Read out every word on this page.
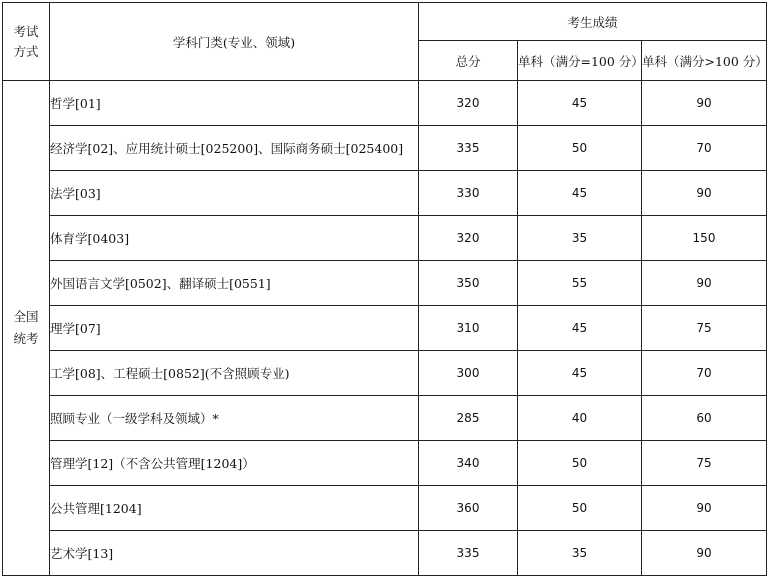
考试
方式	学科门类(专业、领域)	考生成绩		
		总分	单科（满分=100 分）	单科（满分>100 分）

全国
统考	哲学[01]	320	45	90
	经济学[02]、应用统计硕士[025200]、国际商务硕士[025400]	335	50	70
	法学[03]	330	45	90
	体育学[0403]	320	35	150
	外国语言文学[0502]、翻译硕士[0551]	350	55	90
	理学[07]	310	45	75
	工学[08]、工程硕士[0852](不含照顾专业)	300	45	70
	照顾专业（一级学科及领域）*	285	40	60
	管理学[12]（不含公共管理[1204]）	340	50	75
	公共管理[1204]	360	50	90
	艺术学[13]	335	35	90
